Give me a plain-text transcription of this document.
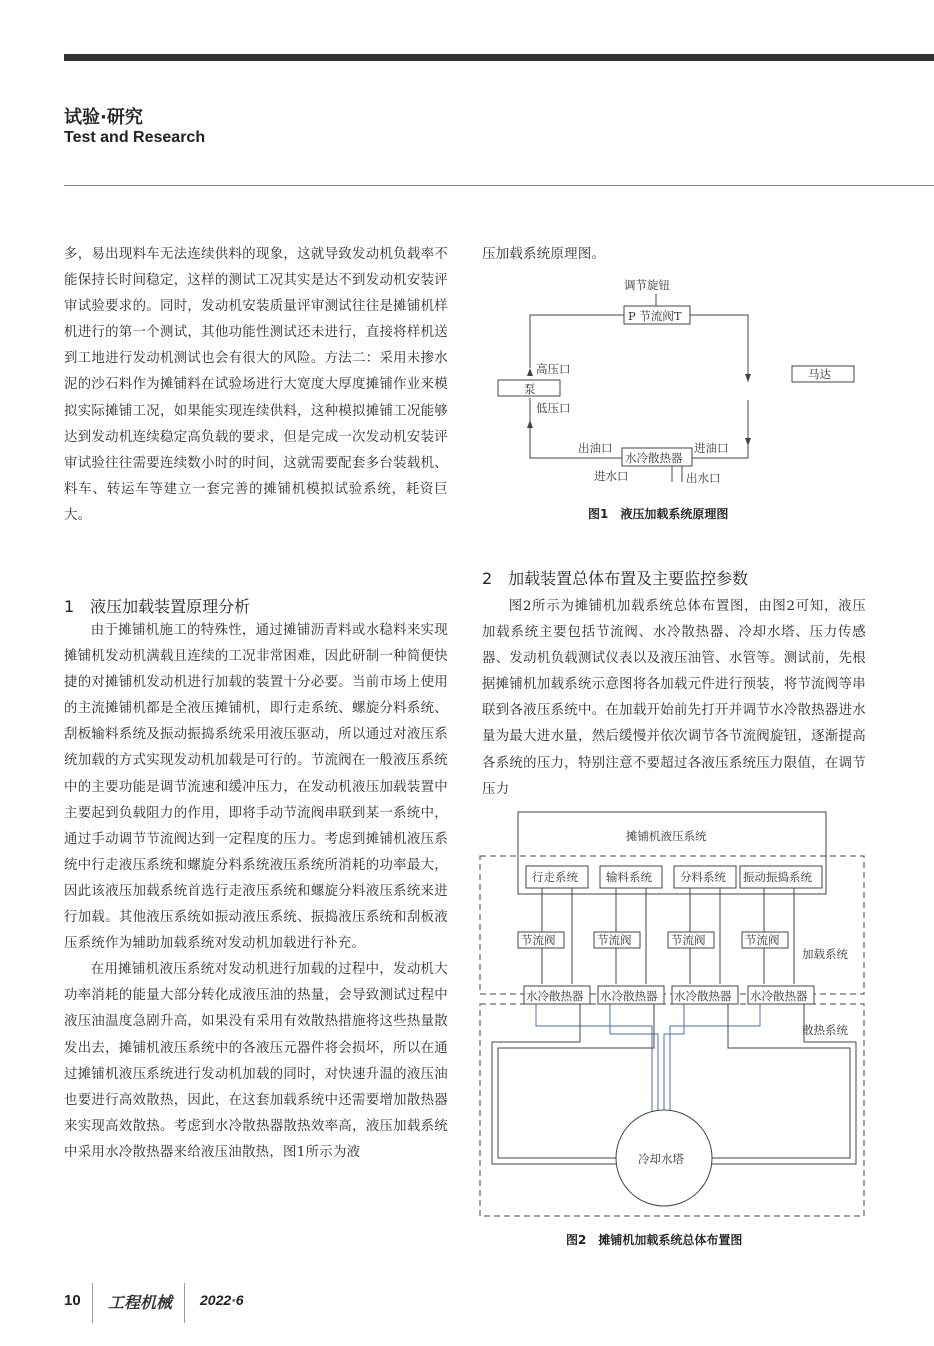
试验·研究
Test and Research

多，易出现料车无法连续供料的现象，这就导致发动机负载率不能保持长时间稳定，这样的测试工况其实是达不到发动机安装评审试验要求的。同时，发动机安装质量评审测试往往是摊铺机样机进行的第一个测试，其他功能性测试还未进行，直接将样机送到工地进行发动机测试也会有很大的风险。方法二：采用未掺水泥的沙石料作为摊铺料在试验场进行大宽度大厚度摊铺作业来模拟实际摊铺工况，如果能实现连续供料，这种模拟摊铺工况能够达到发动机连续稳定高负载的要求，但是完成一次发动机安装评审试验往往需要连续数小时的时间，这就需要配套多台装载机、料车、转运车等建立一套完善的摊铺机模拟试验系统，耗资巨大。

1　液压加载装置原理分析

由于摊铺机施工的特殊性，通过摊铺沥青料或水稳料来实现摊铺机发动机满载且连续的工况非常困难，因此研制一种简便快捷的对摊铺机发动机进行加载的装置十分必要。当前市场上使用的主流摊铺机都是全液压摊铺机，即行走系统、螺旋分料系统、刮板输料系统及振动振捣系统采用液压驱动，所以通过对液压系统加载的方式实现发动机加载是可行的。节流阀在一般液压系统中的主要功能是调节流速和缓冲压力，在发动机液压加载装置中主要起到负载阻力的作用，即将手动节流阀串联到某一系统中，通过手动调节节流阀达到一定程度的压力。考虑到摊铺机液压系统中行走液压系统和螺旋分料系统液压系统所消耗的功率最大，因此该液压加载系统首选行走液压系统和螺旋分料液压系统来进行加载。其他液压系统如振动液压系统、振捣液压系统和刮板液压系统作为辅助加载系统对发动机加载进行补充。

在用摊铺机液压系统对发动机进行加载的过程中，发动机大功率消耗的能量大部分转化成液压油的热量，会导致测试过程中液压油温度急剧升高，如果没有采用有效散热措施将这些热量散发出去，摊铺机液压系统中的各液压元器件将会损坏，所以在通过摊铺机液压系统进行发动机加载的同时，对快速升温的液压油也要进行高效散热，因此，在这套加载系统中还需要增加散热器来实现高效散热。考虑到水冷散热器散热效率高，液压加载系统中采用水冷散热器来给液压油散热，图1所示为液

压加载系统原理图。

调节旋钮
P 节流阀T
高压口
泵
低压口
马达
出油口
水冷散热器
进油口
进水口	出水口
图1　液压加载系统原理图
2　加载装置总体布置及主要监控参数

图2所示为摊铺机加载系统总体布置图，由图2可知，液压加载系统主要包括节流阀、水冷散热器、冷却水塔、压力传感器、发动机负载测试仪表以及液压油管、水管等。测试前，先根据摊铺机加载系统示意图将各加载元件进行预装，将节流阀等串联到各液压系统中。在加载开始前先打开并调节水冷散热器进水量为最大进水量，然后缓慢并依次调节各节流阀旋钮，逐渐提高各系统的压力，特别注意不要超过各液压系统压力限值，在调节压力

摊铺机液压系统
加载系统
散热系统
行走系统 输料系统 分料系统 振动振捣系统
节流阀	节流阀	节流阀	节流阀
水冷散热器 水冷散热器 水冷散热器 水冷散热器
冷却水塔
图2　摊铺机加载系统总体布置图
10 工程机械 2022·6
